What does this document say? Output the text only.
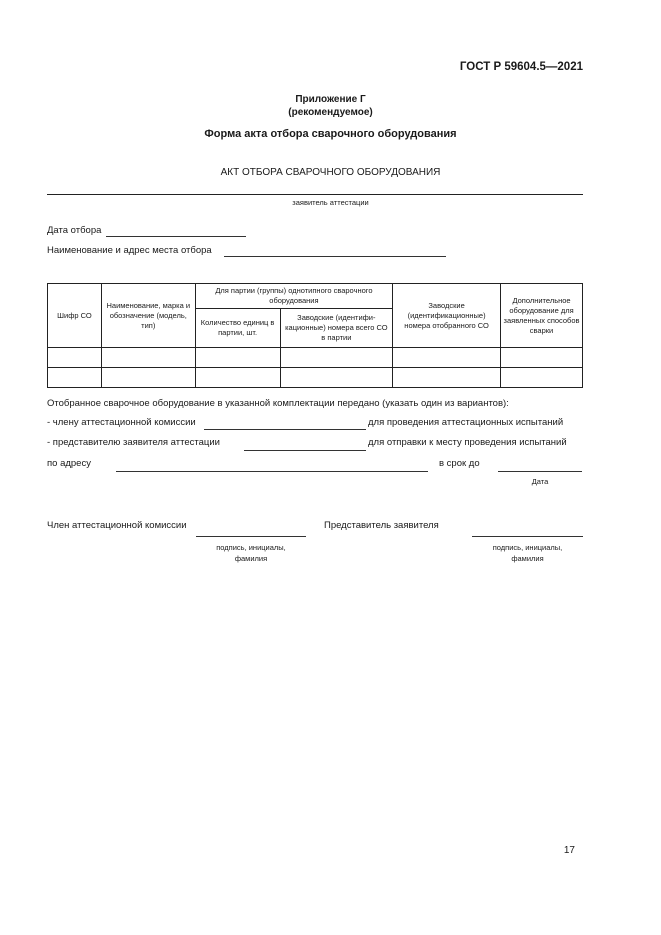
ГОСТ Р 59604.5—2021
Приложение Г
(рекомендуемое)
Форма акта отбора сварочного оборудования
АКТ ОТБОРА СВАРОЧНОГО ОБОРУДОВАНИЯ
заявитель аттестации
Дата отбора
Наименование и адрес места отбора
Шифр СО	Наименование, марка и обозначение (модель, тип)	Для партии (группы) однотипного сварочного оборудования		Заводские (идентификационные) номера отобранного СО	Дополнительное оборудование для заявленных способов сварки
		Количество единиц в партии, шт.	Заводские (идентифи-кационные) номера всего СО в партии		

Отобранное сварочное оборудование в указанной комплектации передано (указать один из вариантов):
- члену аттестационной комиссии	для проведения аттестационных испытаний
- представителю заявителя аттестации	для отправки к месту проведения испытаний
по адресу	в срок до
Дата
Член аттестационной комиссии
подпись, инициалы,
фамилия
Представитель заявителя
подпись, инициалы,
фамилия
17
